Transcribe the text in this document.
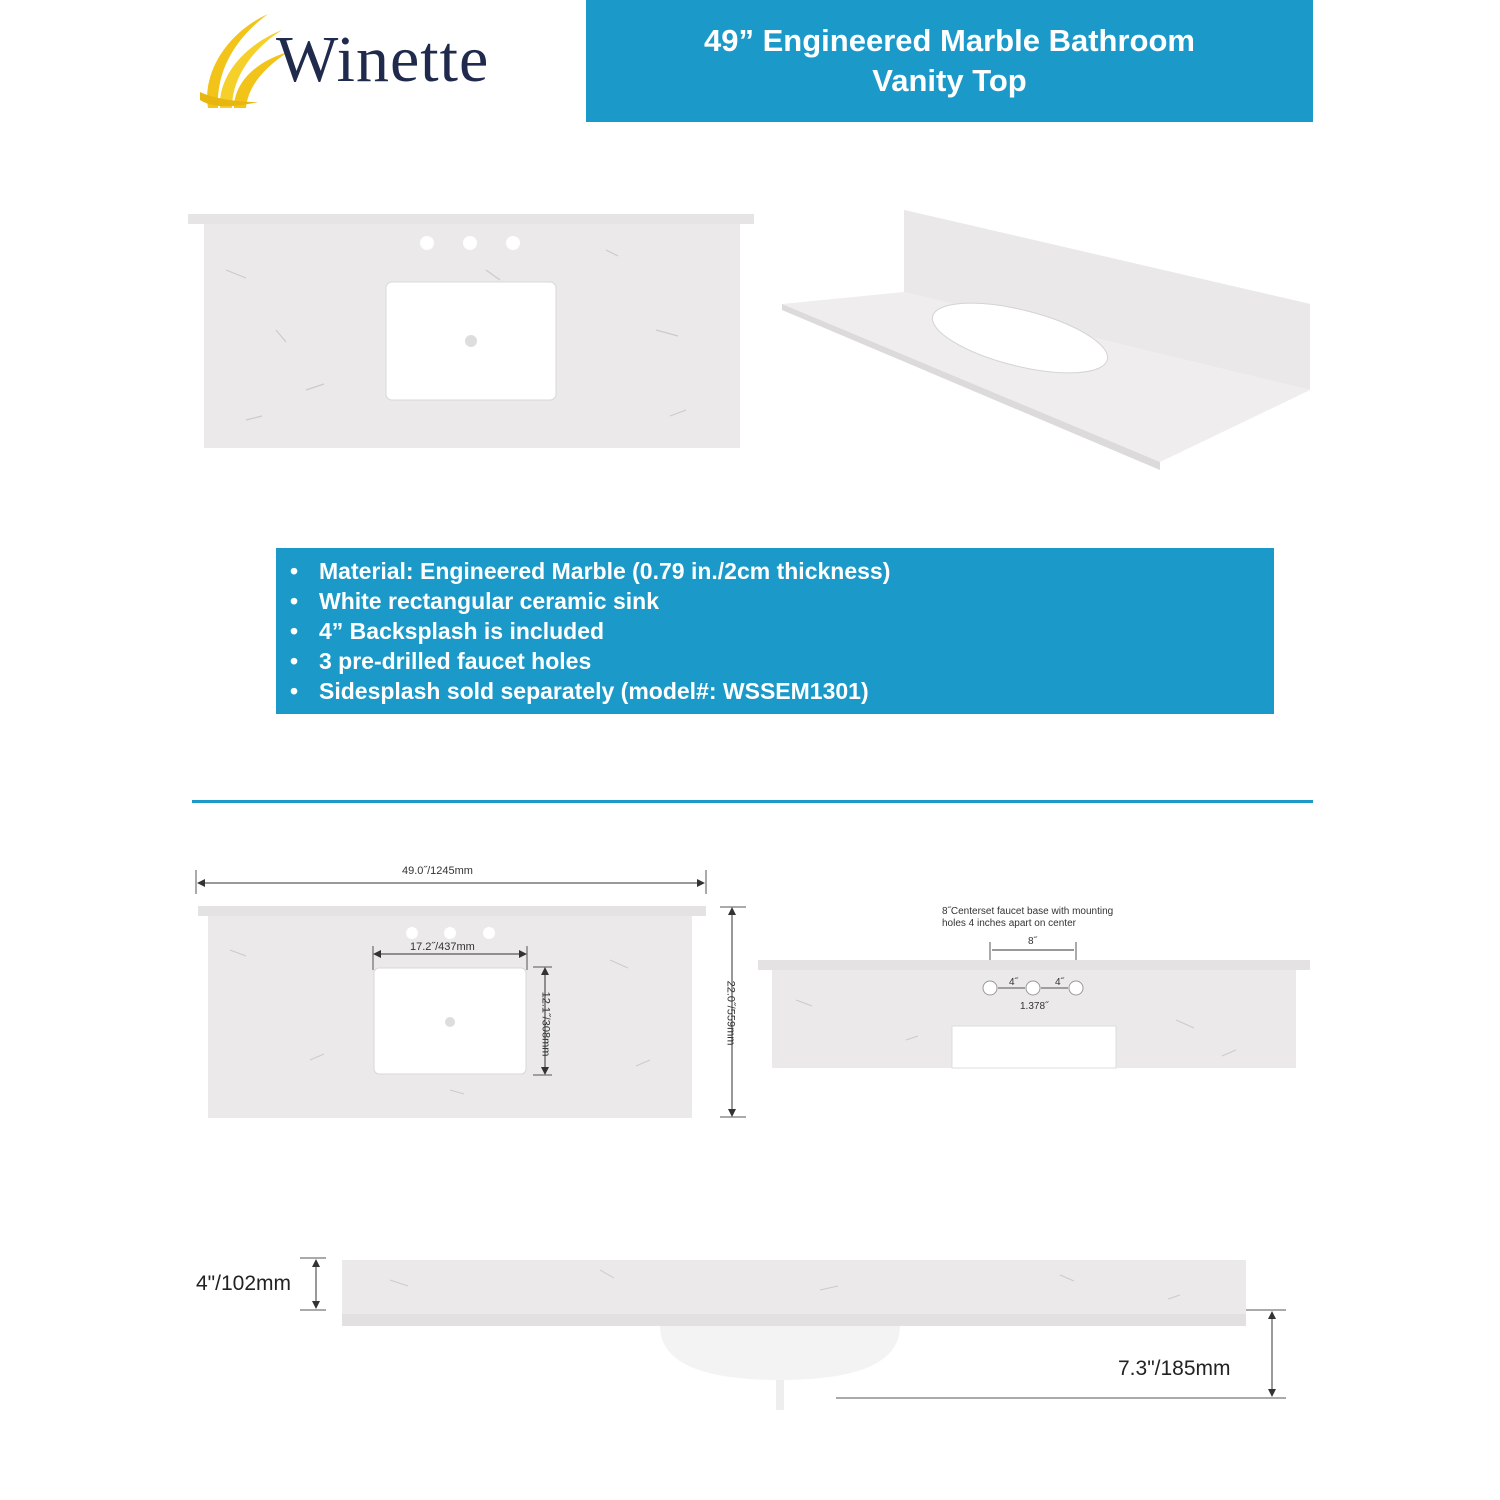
Winette	49” Engineered Marble Bathroom
Vanity Top
• Material: Engineered Marble (0.79 in./2cm thickness)
• White rectangular ceramic sink
• 4” Backsplash is included
• 3 pre-drilled faucet holes
• Sidesplash sold separately (model#: WSSEM1301)
49.0˝/1245mm
17.2˝/437mm
12.1˝/308mm	22.0˝/559mm
8˝Centerset faucet base with mounting
holes 4 inches apart on center
8˝
4˝	4˝
1.378˝
4"/102mm
7.3"/185mm
